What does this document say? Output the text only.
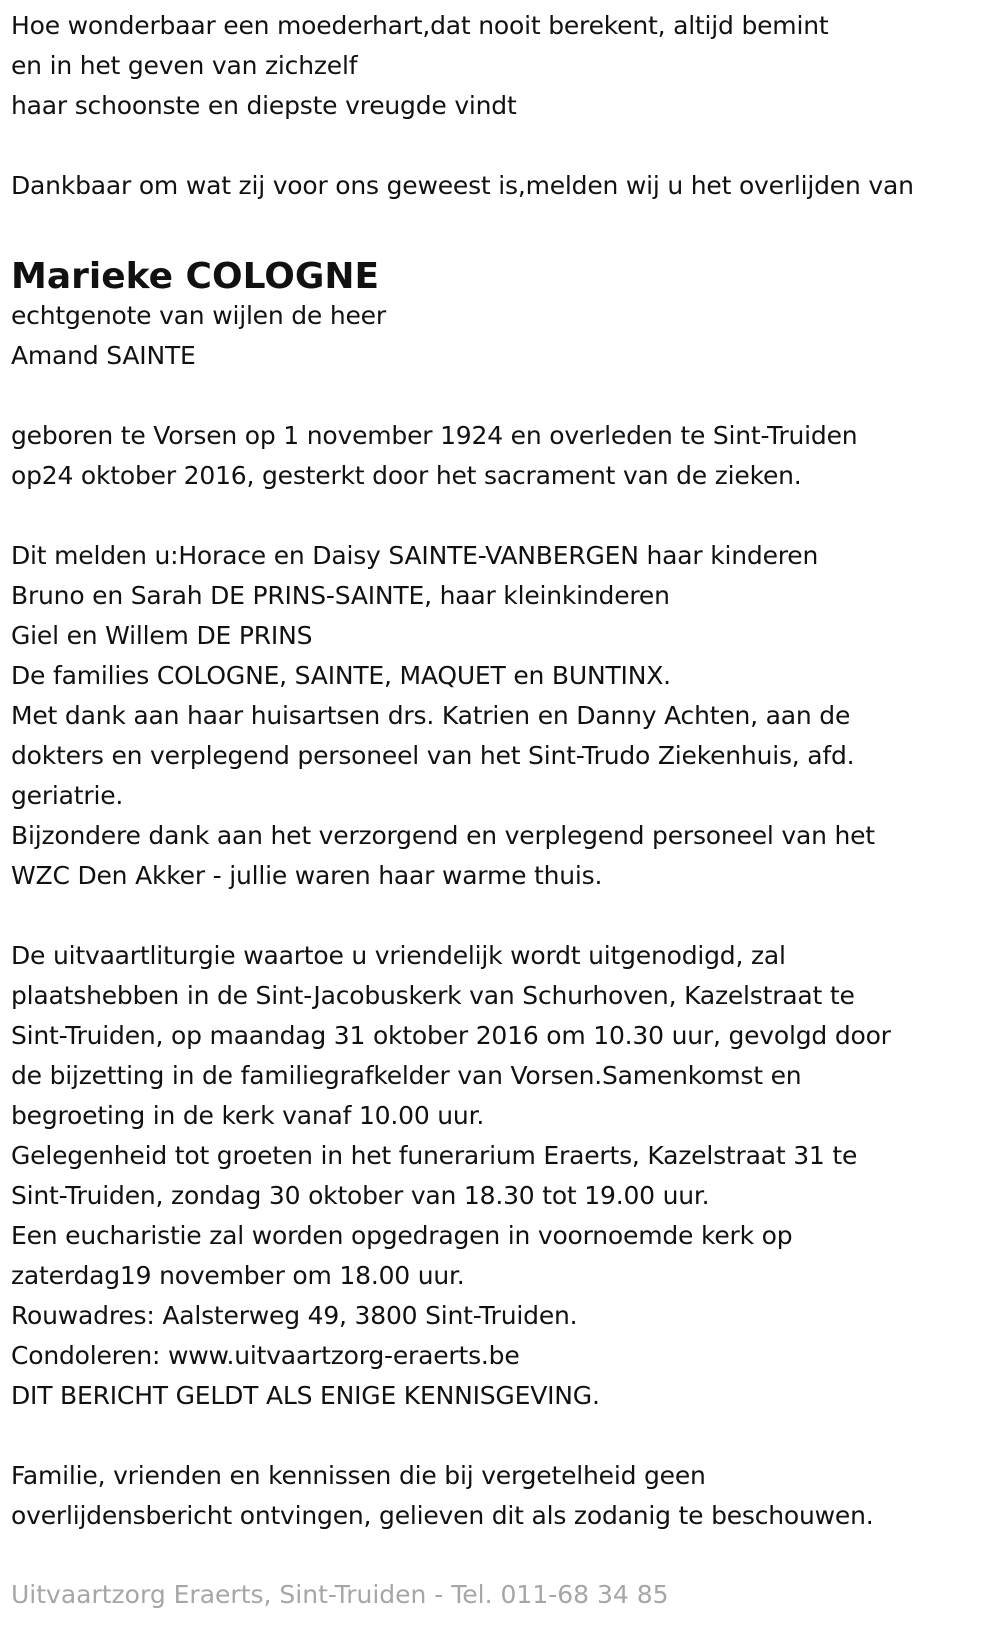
Hoe wonderbaar een moederhart,dat nooit berekent, altijd bemint
en in het geven van zichzelf
haar schoonste en diepste vreugde vindt
Dankbaar om wat zij voor ons geweest is,melden wij u het overlijden van
Marieke COLOGNE
echtgenote van wijlen de heer
Amand SAINTE
geboren te Vorsen op 1 november 1924 en overleden te Sint-Truiden
op24 oktober 2016, gesterkt door het sacrament van de zieken.
Dit melden u:Horace en Daisy SAINTE-VANBERGEN haar kinderen
Bruno en Sarah DE PRINS-SAINTE, haar kleinkinderen
Giel en Willem DE PRINS
De families COLOGNE, SAINTE, MAQUET en BUNTINX.
Met dank aan haar huisartsen drs. Katrien en Danny Achten, aan de
dokters en verplegend personeel van het Sint-Trudo Ziekenhuis, afd.
geriatrie.
Bijzondere dank aan het verzorgend en verplegend personeel van het
WZC Den Akker - jullie waren haar warme thuis.
De uitvaartliturgie waartoe u vriendelijk wordt uitgenodigd, zal
plaatshebben in de Sint-Jacobuskerk van Schurhoven, Kazelstraat te
Sint-Truiden, op maandag 31 oktober 2016 om 10.30 uur, gevolgd door
de bijzetting in de familiegrafkelder van Vorsen.Samenkomst en
begroeting in de kerk vanaf 10.00 uur.
Gelegenheid tot groeten in het funerarium Eraerts, Kazelstraat 31 te
Sint-Truiden, zondag 30 oktober van 18.30 tot 19.00 uur.
Een eucharistie zal worden opgedragen in voornoemde kerk op
zaterdag19 november om 18.00 uur.
Rouwadres: Aalsterweg 49, 3800 Sint-Truiden.
Condoleren: www.uitvaartzorg-eraerts.be
DIT BERICHT GELDT ALS ENIGE KENNISGEVING.
Familie, vrienden en kennissen die bij vergetelheid geen
overlijdensbericht ontvingen, gelieven dit als zodanig te beschouwen.
Uitvaartzorg Eraerts, Sint-Truiden - Tel. 011-68 34 85
